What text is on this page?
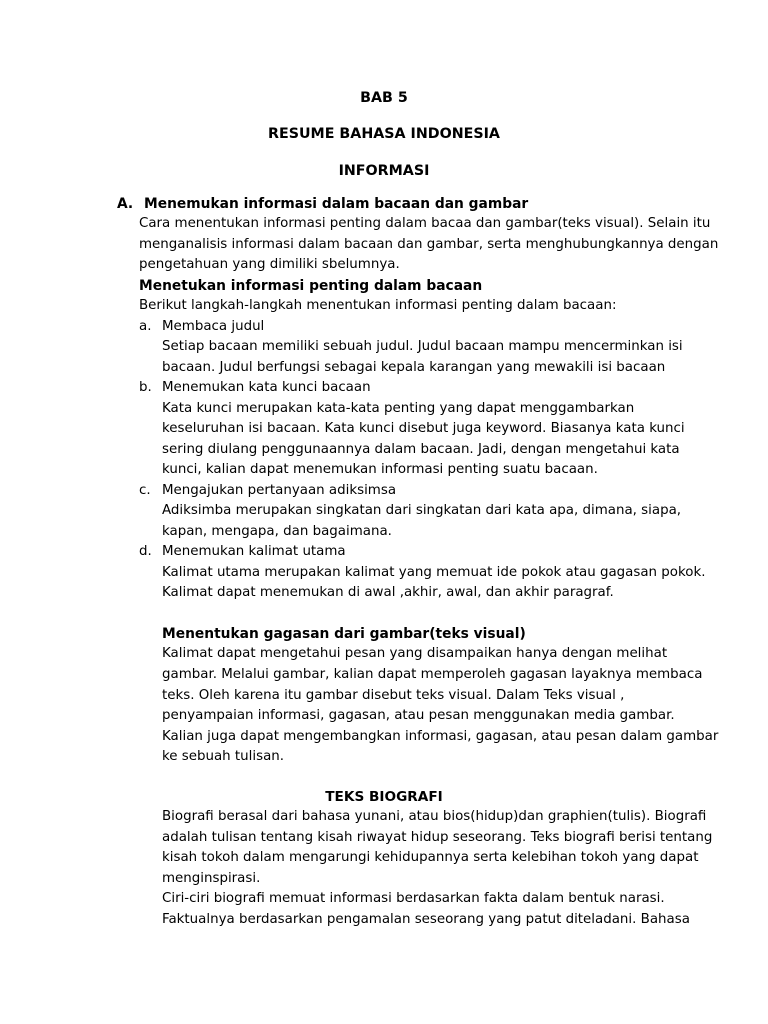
BAB 5
RESUME BAHASA INDONESIA
INFORMASI
A. Menemukan informasi dalam bacaan dan gambar
Cara menentukan informasi penting dalam bacaa dan gambar(teks visual). Selain itu
menganalisis informasi dalam bacaan dan gambar, serta menghubungkannya dengan
pengetahuan yang dimiliki sbelumnya.
Menetukan informasi penting dalam bacaan
Berikut langkah-langkah menentukan informasi penting dalam bacaan:
a. Membaca judul
Setiap bacaan memiliki sebuah judul. Judul bacaan mampu mencerminkan isi
bacaan. Judul berfungsi sebagai kepala karangan yang mewakili isi bacaan
b. Menemukan kata kunci bacaan
Kata kunci merupakan kata-kata penting yang dapat menggambarkan
keseluruhan isi bacaan. Kata kunci disebut juga keyword. Biasanya kata kunci
sering diulang penggunaannya dalam bacaan. Jadi, dengan mengetahui kata
kunci, kalian dapat menemukan informasi penting suatu bacaan.
c. Mengajukan pertanyaan adiksimsa
Adiksimba merupakan singkatan dari singkatan dari kata apa, dimana, siapa,
kapan, mengapa, dan bagaimana.
d. Menemukan kalimat utama
Kalimat utama merupakan kalimat yang memuat ide pokok atau gagasan pokok.
Kalimat dapat menemukan di awal ,akhir, awal, dan akhir paragraf.
Menentukan gagasan dari gambar(teks visual)
Kalimat dapat mengetahui pesan yang disampaikan hanya dengan melihat
gambar. Melalui gambar, kalian dapat memperoleh gagasan layaknya membaca
teks. Oleh karena itu gambar disebut teks visual. Dalam Teks visual ,
penyampaian informasi, gagasan, atau pesan menggunakan media gambar.
Kalian juga dapat mengembangkan informasi, gagasan, atau pesan dalam gambar
ke sebuah tulisan.
TEKS BIOGRAFI
Biografi berasal dari bahasa yunani, atau bios(hidup)dan graphien(tulis). Biografi
adalah tulisan tentang kisah riwayat hidup seseorang. Teks biografi berisi tentang
kisah tokoh dalam mengarungi kehidupannya serta kelebihan tokoh yang dapat
menginspirasi.
Ciri-ciri biografi memuat informasi berdasarkan fakta dalam bentuk narasi.
Faktualnya berdasarkan pengamalan seseorang yang patut diteladani. Bahasa
